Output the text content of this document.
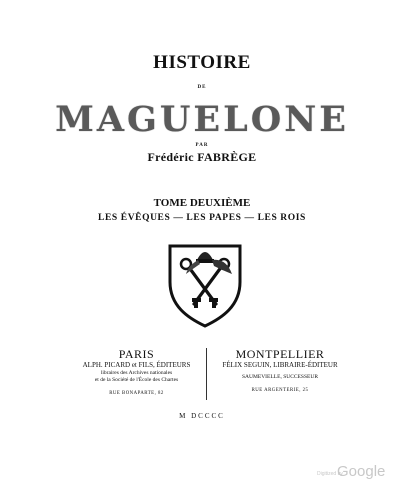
HISTOIRE
DE
MAGUELONE
PAR
Frédéric FABRÈGE
TOME DEUXIÈME
LES ÉVÊQUES — LES PAPES — LES ROIS
PARIS
ALPH. PICARD et FILS, ÉDITEURS
libraires des Archives nationales
et de la Société de l'École des Chartes
RUE BONAPARTE, 82
MONTPELLIER
FÉLIX SEGUIN, LIBRAIRE-ÉDITEUR
SAUMEVIELLE, SUCCESSEUR
RUE ARGENTERIE, 25
M DCCCC
Digitized by
Google
